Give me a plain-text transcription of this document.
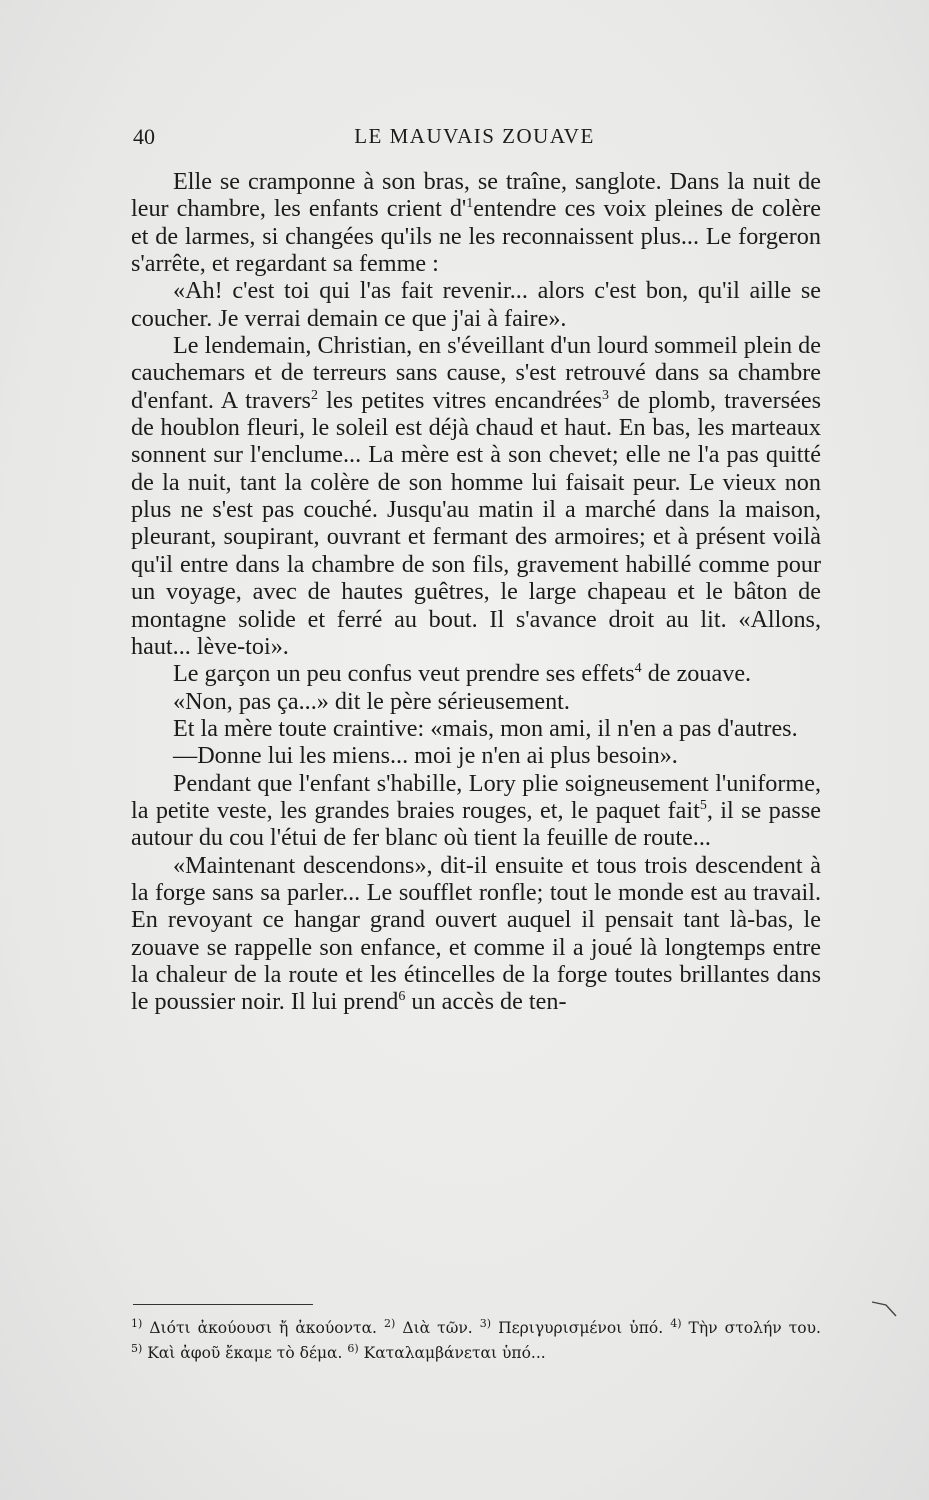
40	LE MAUVAIS ZOUAVE

Elle se cramponne à son bras, se traîne, sanglote. Dans la nuit de leur chambre, les enfants crient $d'^1entendre$ ces voix pleines de colère et de larmes, si changées qu'ils ne les reconnaissent plus... Le forgeron s'arrête, et regardant sa femme :

«Ah! c'est toi qui l'as fait revenir... alors c'est bon, qu'il aille se coucher. Je verrai demain ce que j'ai à faire».

Le lendemain, Christian, en s'éveillant d'un lourd sommeil plein de cauchemars et de terreurs sans cause, s'est retrouvé dans sa chambre d'enfant. A travers$^2$ les petites vitres encandrées$^3$ de plomb, traversées de houblon fleuri, le soleil est déjà chaud et haut. En bas, les marteaux sonnent sur l'enclume... La mère est à son chevet; elle ne l'a pas quitté de la nuit, tant la colère de son homme lui faisait peur. Le vieux non plus ne s'est pas couché. Jusqu'au matin il a marché dans la maison, pleurant, soupirant, ouvrant et fermant des armoires; et à présent voilà qu'il entre dans la chambre de son fils, gravement habillé comme pour un voyage, avec de hautes guêtres, le large chapeau et le bâton de montagne solide et ferré au bout. Il s'avance droit au lit. «Allons, haut... lève-toi».

Le garçon un peu confus veut prendre ses effets$^4$ de zouave.

«Non, pas ça...» dit le père sérieusement.

Et la mère toute craintive: «mais, mon ami, il n'en a pas d'autres.

—Donne lui les miens... moi je n'en ai plus besoin».

Pendant que l'enfant s'habille, Lory plie soigneusement l'uniforme, la petite veste, les grandes braies rouges, et, le paquet fait$^5$, il se passe autour du cou l'étui de fer blanc où tient la feuille de route...

«Maintenant descendons», dit-il ensuite et tous trois descendent à la forge sans sa parler... Le soufflet ronfle; tout le monde est au travail. En revoyant ce hangar grand ouvert auquel il pensait tant là-bas, le zouave se rappelle son enfance, et comme il a joué là longtemps entre la chaleur de la route et les étincelles de la forge toutes brillantes dans le poussier noir. Il lui prend$^6$ un accès de ten-

$^{1)}$ Διότι ἀκούουσι ἤ ἀκούοντα. $^{2)}$ Διὰ τῶν. $^{3)}$ Περιγυρισμένοι ὑπό. $^{4)}$ Τὴν στολήν του. $^{5)}$ Καὶ ἀφοῦ ἔκαμε τὸ δέμα. $^{6)}$ Καταλαμβάνεται ὑπό...
